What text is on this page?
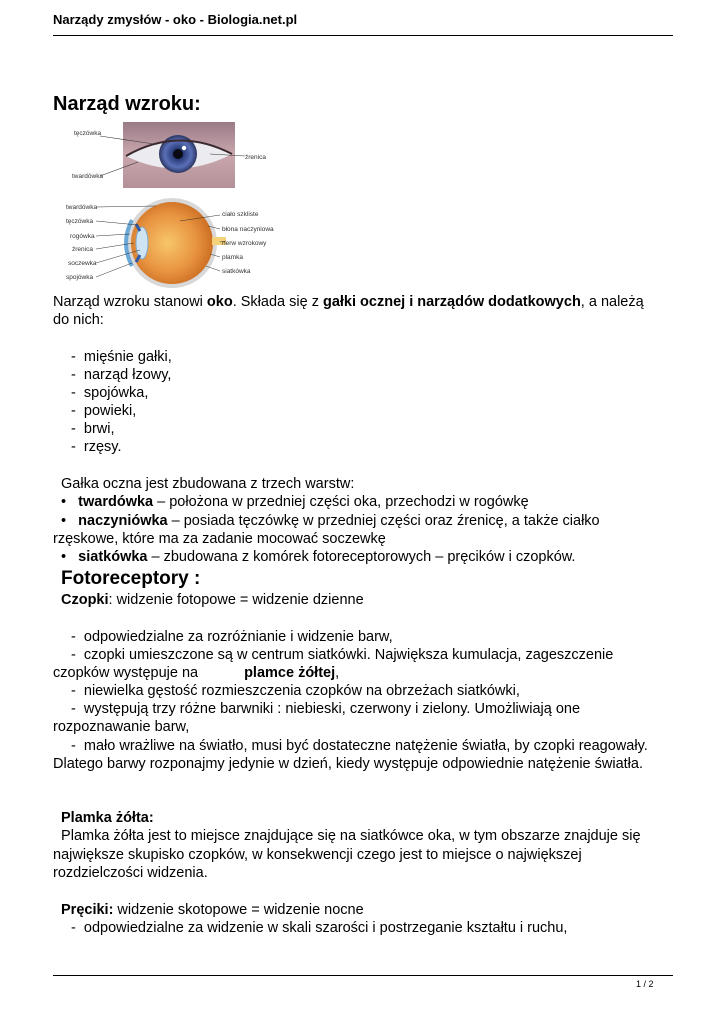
Narządy zmysłów - oko - Biologia.net.pl
Narząd wzroku:
tęczówka
twardówka
źrenica
twardówka
tęczówka
rogówka
źrenica
soczewka
spojówka
ciało szkliste
błona naczyniowa
nerw wzrokowy
plamka
siatkówka
Narząd wzroku stanowi oko. Składa się z gałki ocznej i narządów dodatkowych, a należą
do nich:
-  mięśnie gałki,
-  narząd łzowy,
-  spojówka,
-  powieki,
-  brwi,
-  rzęsy.
Gałka oczna jest zbudowana z trzech warstw:
•   twardówka – położona w przedniej części oka, przechodzi w rogówkę
•   naczyniówka – posiada tęczówkę w przedniej części oraz źrenicę, a także ciałko
rzęskowe, które ma za zadanie mocować soczewkę
•   siatkówka – zbudowana z komórek fotoreceptorowych – pręcików i czopków.
Fotoreceptory :
Czopki: widzenie fotopowe = widzenie dzienne
-  odpowiedzialne za rozróżnianie i widzenie barw,
-  czopki umieszczone są w centrum siatkówki. Największa kumulacja, zageszczenie
czopków występuje na	plamce żółtej,
-  niewielka gęstość rozmieszczenia czopków na obrzeżach siatkówki,
-  występują trzy różne barwniki : niebieski, czerwony i zielony. Umożliwiają one
rozpoznawanie barw,
-  mało wrażliwe na światło, musi być dostateczne natężenie światła, by czopki reagowały.
Dlatego barwy rozponajmy jedynie w dzień, kiedy występuje odpowiednie natężenie światła.
Plamka żółta:
Plamka żółta jest to miejsce znajdujące się na siatkówce oka, w tym obszarze znajduje się
największe skupisko czopków, w konsekwencji czego jest to miejsce o największej
rozdzielczości widzenia.
Pręciki: widzenie skotopowe = widzenie nocne
-  odpowiedzialne za widzenie w skali szarości i postrzeganie kształtu i ruchu,
1 / 2
